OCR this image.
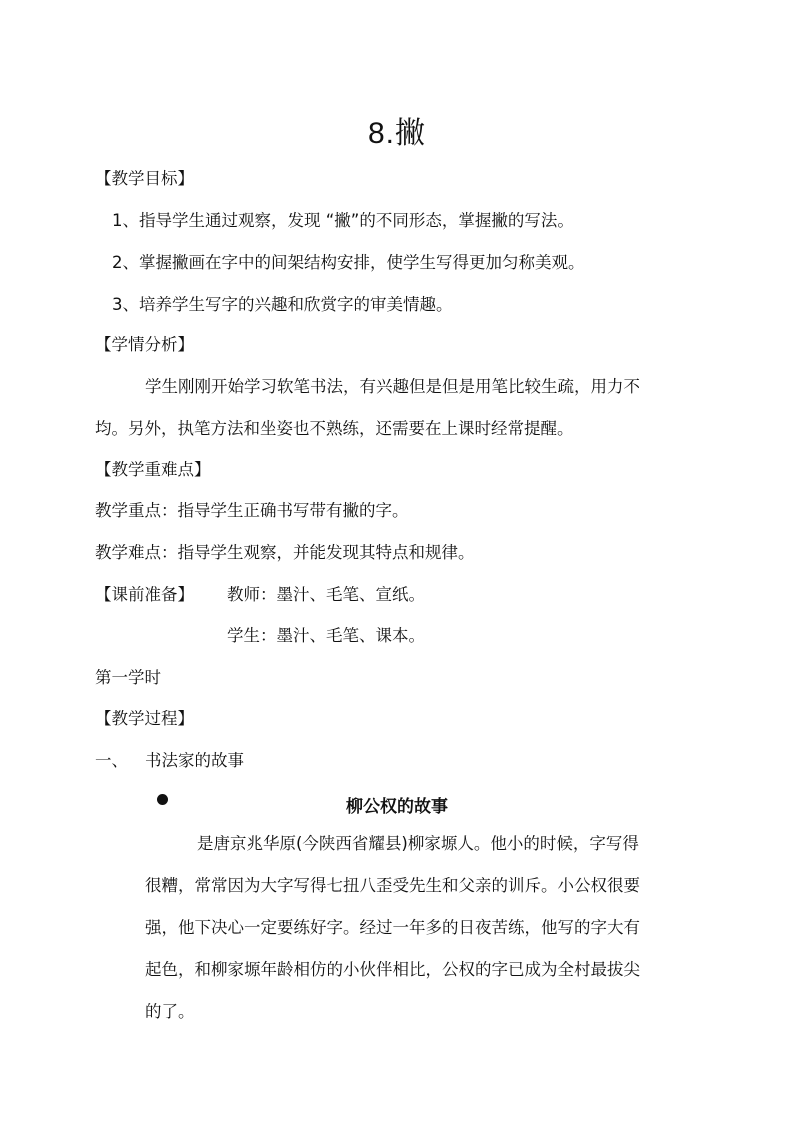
8.撇
【教学目标】
1、指导学生通过观察，发现 “撇”的不同形态，掌握撇的写法。
2、掌握撇画在字中的间架结构安排，使学生写得更加匀称美观。
3、培养学生写字的兴趣和欣赏字的审美情趣。
【学情分析】
学生刚刚开始学习软笔书法，有兴趣但是但是用笔比较生疏，用力不
均。另外，执笔方法和坐姿也不熟练，还需要在上课时经常提醒。
【教学重难点】
教学重点：指导学生正确书写带有撇的字。
教学难点：指导学生观察，并能发现其特点和规律。
【课前准备】 教师：墨汁、毛笔、宣纸。
学生：墨汁、毛笔、课本。
第一学时
【教学过程】
一、 书法家的故事
柳公权的故事
是唐京兆华原(今陕西省耀县)柳家塬人。他小的时候，字写得
很糟，常常因为大字写得七扭八歪受先生和父亲的训斥。小公权很要
强，他下决心一定要练好字。经过一年多的日夜苦练，他写的字大有
起色，和柳家塬年龄相仿的小伙伴相比，公权的字已成为全村最拔尖
的了。
